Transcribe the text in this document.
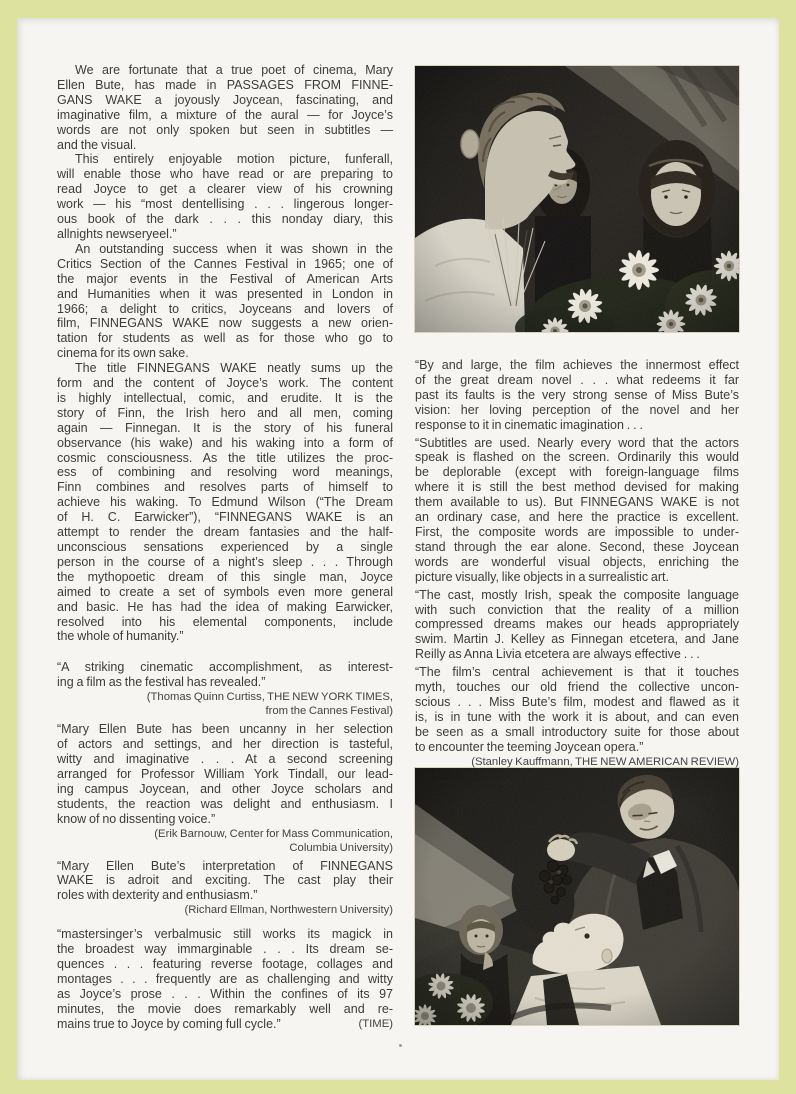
We are fortunate that a true poet of cinema, Mary
Ellen Bute, has made in PASSAGES FROM FINNE-
GANS WAKE a joyously Joycean, fascinating, and
imaginative film, a mixture of the aural — for Joyce’s
words are not only spoken but seen in subtitles —
and the visual.
This entirely enjoyable motion picture, funferall,
will enable those who have read or are preparing to
read Joyce to get a clearer view of his crowning
work — his “most dentellising . . . lingerous longer-
ous book of the dark . . . this nonday diary, this
allnights newseryeel.”
An outstanding success when it was shown in the
Critics Section of the Cannes Festival in 1965; one of
the major events in the Festival of American Arts
and Humanities when it was presented in London in
1966; a delight to critics, Joyceans and lovers of
film, FINNEGANS WAKE now suggests a new orien-
tation for students as well as for those who go to
cinema for its own sake.
The title FINNEGANS WAKE neatly sums up the
form and the content of Joyce’s work. The content
is highly intellectual, comic, and erudite. It is the
story of Finn, the Irish hero and all men, coming
again — Finnegan. It is the story of his funeral
observance (his wake) and his waking into a form of
cosmic consciousness. As the title utilizes the proc-
ess of combining and resolving word meanings,
Finn combines and resolves parts of himself to
achieve his waking. To Edmund Wilson (“The Dream
of H. C. Earwicker”), “FINNEGANS WAKE is an
attempt to render the dream fantasies and the half-
unconscious sensations experienced by a single
person in the course of a night’s sleep . . . Through
the mythopoetic dream of this single man, Joyce
aimed to create a set of symbols even more general
and basic. He has had the idea of making Earwicker,
resolved into his elemental components, include
the whole of humanity.”
“A striking cinematic accomplishment, as interest-
ing a film as the festival has revealed.”
(Thomas Quinn Curtiss, THE NEW YORK TIMES,
from the Cannes Festival)
“Mary Ellen Bute has been uncanny in her selection
of actors and settings, and her direction is tasteful,
witty and imaginative . . . At a second screening
arranged for Professor William York Tindall, our lead-
ing campus Joycean, and other Joyce scholars and
students, the reaction was delight and enthusiasm. I
know of no dissenting voice.”
(Erik Barnouw, Center for Mass Communication,
Columbia University)
“Mary Ellen Bute’s interpretation of FINNEGANS
WAKE is adroit and exciting. The cast play their
roles with dexterity and enthusiasm.”
(Richard Ellman, Northwestern University)
“mastersinger’s verbalmusic still works its magick in
the broadest way immarginable . . . Its dream se-
quences . . . featuring reverse footage, collages and
montages . . . frequently are as challenging and witty
as Joyce’s prose . . . Within the confines of its 97
minutes, the movie does remarkably well and re-
mains true to Joyce by coming full cycle.”	(TIME)
“By and large, the film achieves the innermost effect
of the great dream novel . . . what redeems it far
past its faults is the very strong sense of Miss Bute’s
vision: her loving perception of the novel and her
response to it in cinematic imagination . . .
“Subtitles are used. Nearly every word that the actors
speak is flashed on the screen. Ordinarily this would
be deplorable (except with foreign-language films
where it is still the best method devised for making
them available to us). But FINNEGANS WAKE is not
an ordinary case, and here the practice is excellent.
First, the composite words are impossible to under-
stand through the ear alone. Second, these Joycean
words are wonderful visual objects, enriching the
picture visually, like objects in a surrealistic art.
“The cast, mostly Irish, speak the composite language
with such conviction that the reality of a million
compressed dreams makes our heads appropriately
swim. Martin J. Kelley as Finnegan etcetera, and Jane
Reilly as Anna Livia etcetera are always effective . . .
“The film’s central achievement is that it touches
myth, touches our old friend the collective uncon-
scious . . . Miss Bute’s film, modest and flawed as it
is, is in tune with the work it is about, and can even
be seen as a small introductory suite for those about
to encounter the teeming Joycean opera.”
(Stanley Kauffmann, THE NEW AMERICAN REVIEW)
